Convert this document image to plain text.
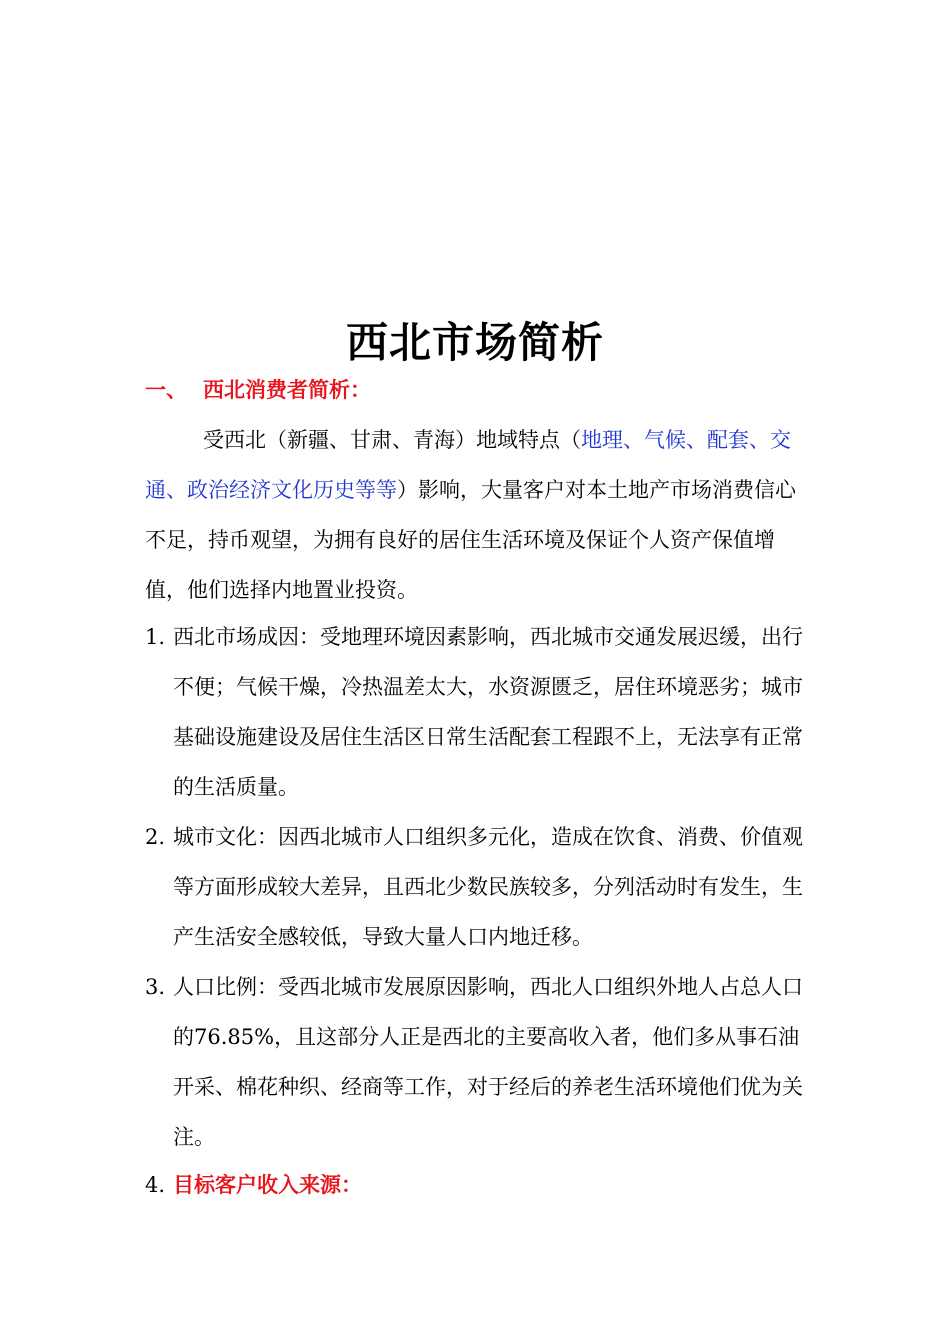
西北市场简析
一、 西北消费者简析：
受西北（新疆、甘肃、青海）地域特点（地理、气候、配套、交通、政治经济文化历史等等）影响，大量客户对本土地产市场消费信心不足，持币观望，为拥有良好的居住生活环境及保证个人资产保值增值，他们选择内地置业投资。
1. 西北市场成因：受地理环境因素影响，西北城市交通发展迟缓，出行不便；气候干燥，冷热温差太大，水资源匮乏，居住环境恶劣；城市基础设施建设及居住生活区日常生活配套工程跟不上，无法享有正常的生活质量。
2. 城市文化：因西北城市人口组织多元化，造成在饮食、消费、价值观等方面形成较大差异，且西北少数民族较多，分列活动时有发生，生产生活安全感较低，导致大量人口内地迁移。
3. 人口比例：受西北城市发展原因影响，西北人口组织外地人占总人口的76.85%，且这部分人正是西北的主要高收入者，他们多从事石油开采、棉花种织、经商等工作，对于经后的养老生活环境他们优为关注。
4. 目标客户收入来源：
